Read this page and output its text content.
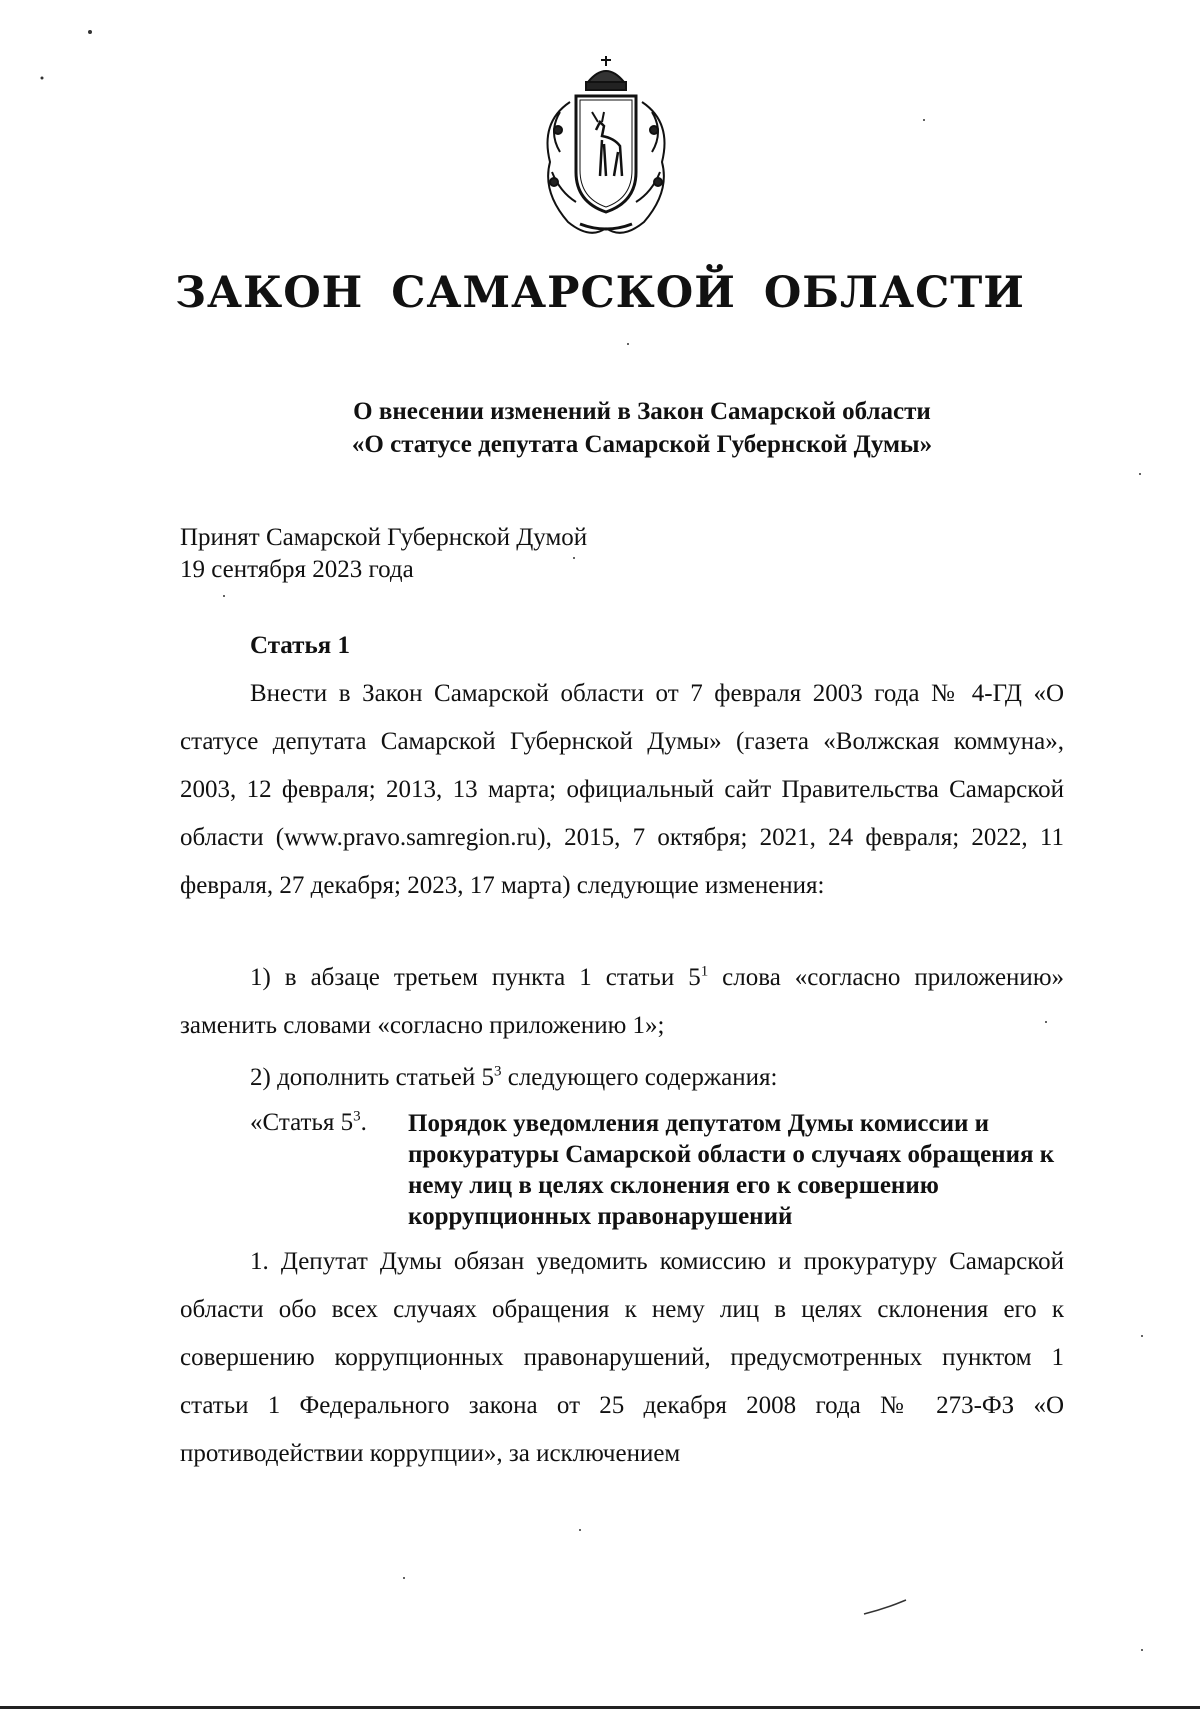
ЗАКОН САМАРСКОЙ ОБЛАСТИ
О внесении изменений в Закон Самарской области
«О статусе депутата Самарской Губернской Думы»
Принят Самарской Губернской Думой
19 сентября 2023 года
Статья 1

Внести в Закон Самарской области от 7 февраля 2003 года № 4-ГД «О статусе депутата Самарской Губернской Думы» (газета «Волжская коммуна», 2003, 12 февраля; 2013, 13 марта; официальный сайт Правительства Самарской области (www.pravo.samregion.ru), 2015, 7 октября; 2021, 24 февраля; 2022, 11 февраля, 27 декабря; 2023, 17 марта) следующие изменения:

1) в абзаце третьем пункта 1 статьи $5^1$ слова «согласно приложению» заменить словами «согласно приложению 1»;

2) дополнить статьей $5^3$ следующего содержания:

«Статья $5^3$. Порядок уведомления депутатом Думы комиссии и прокуратуры Самарской области о случаях обращения к нему лиц в целях склонения его к совершению коррупционных правонарушений

1. Депутат Думы обязан уведомить комиссию и прокуратуру Самарской области обо всех случаях обращения к нему лиц в целях склонения его к совершению коррупционных правонарушений, предусмотренных пунктом 1 статьи 1 Федерального закона от 25 декабря 2008 года № 273-ФЗ «О противодействии коррупции», за исключением
